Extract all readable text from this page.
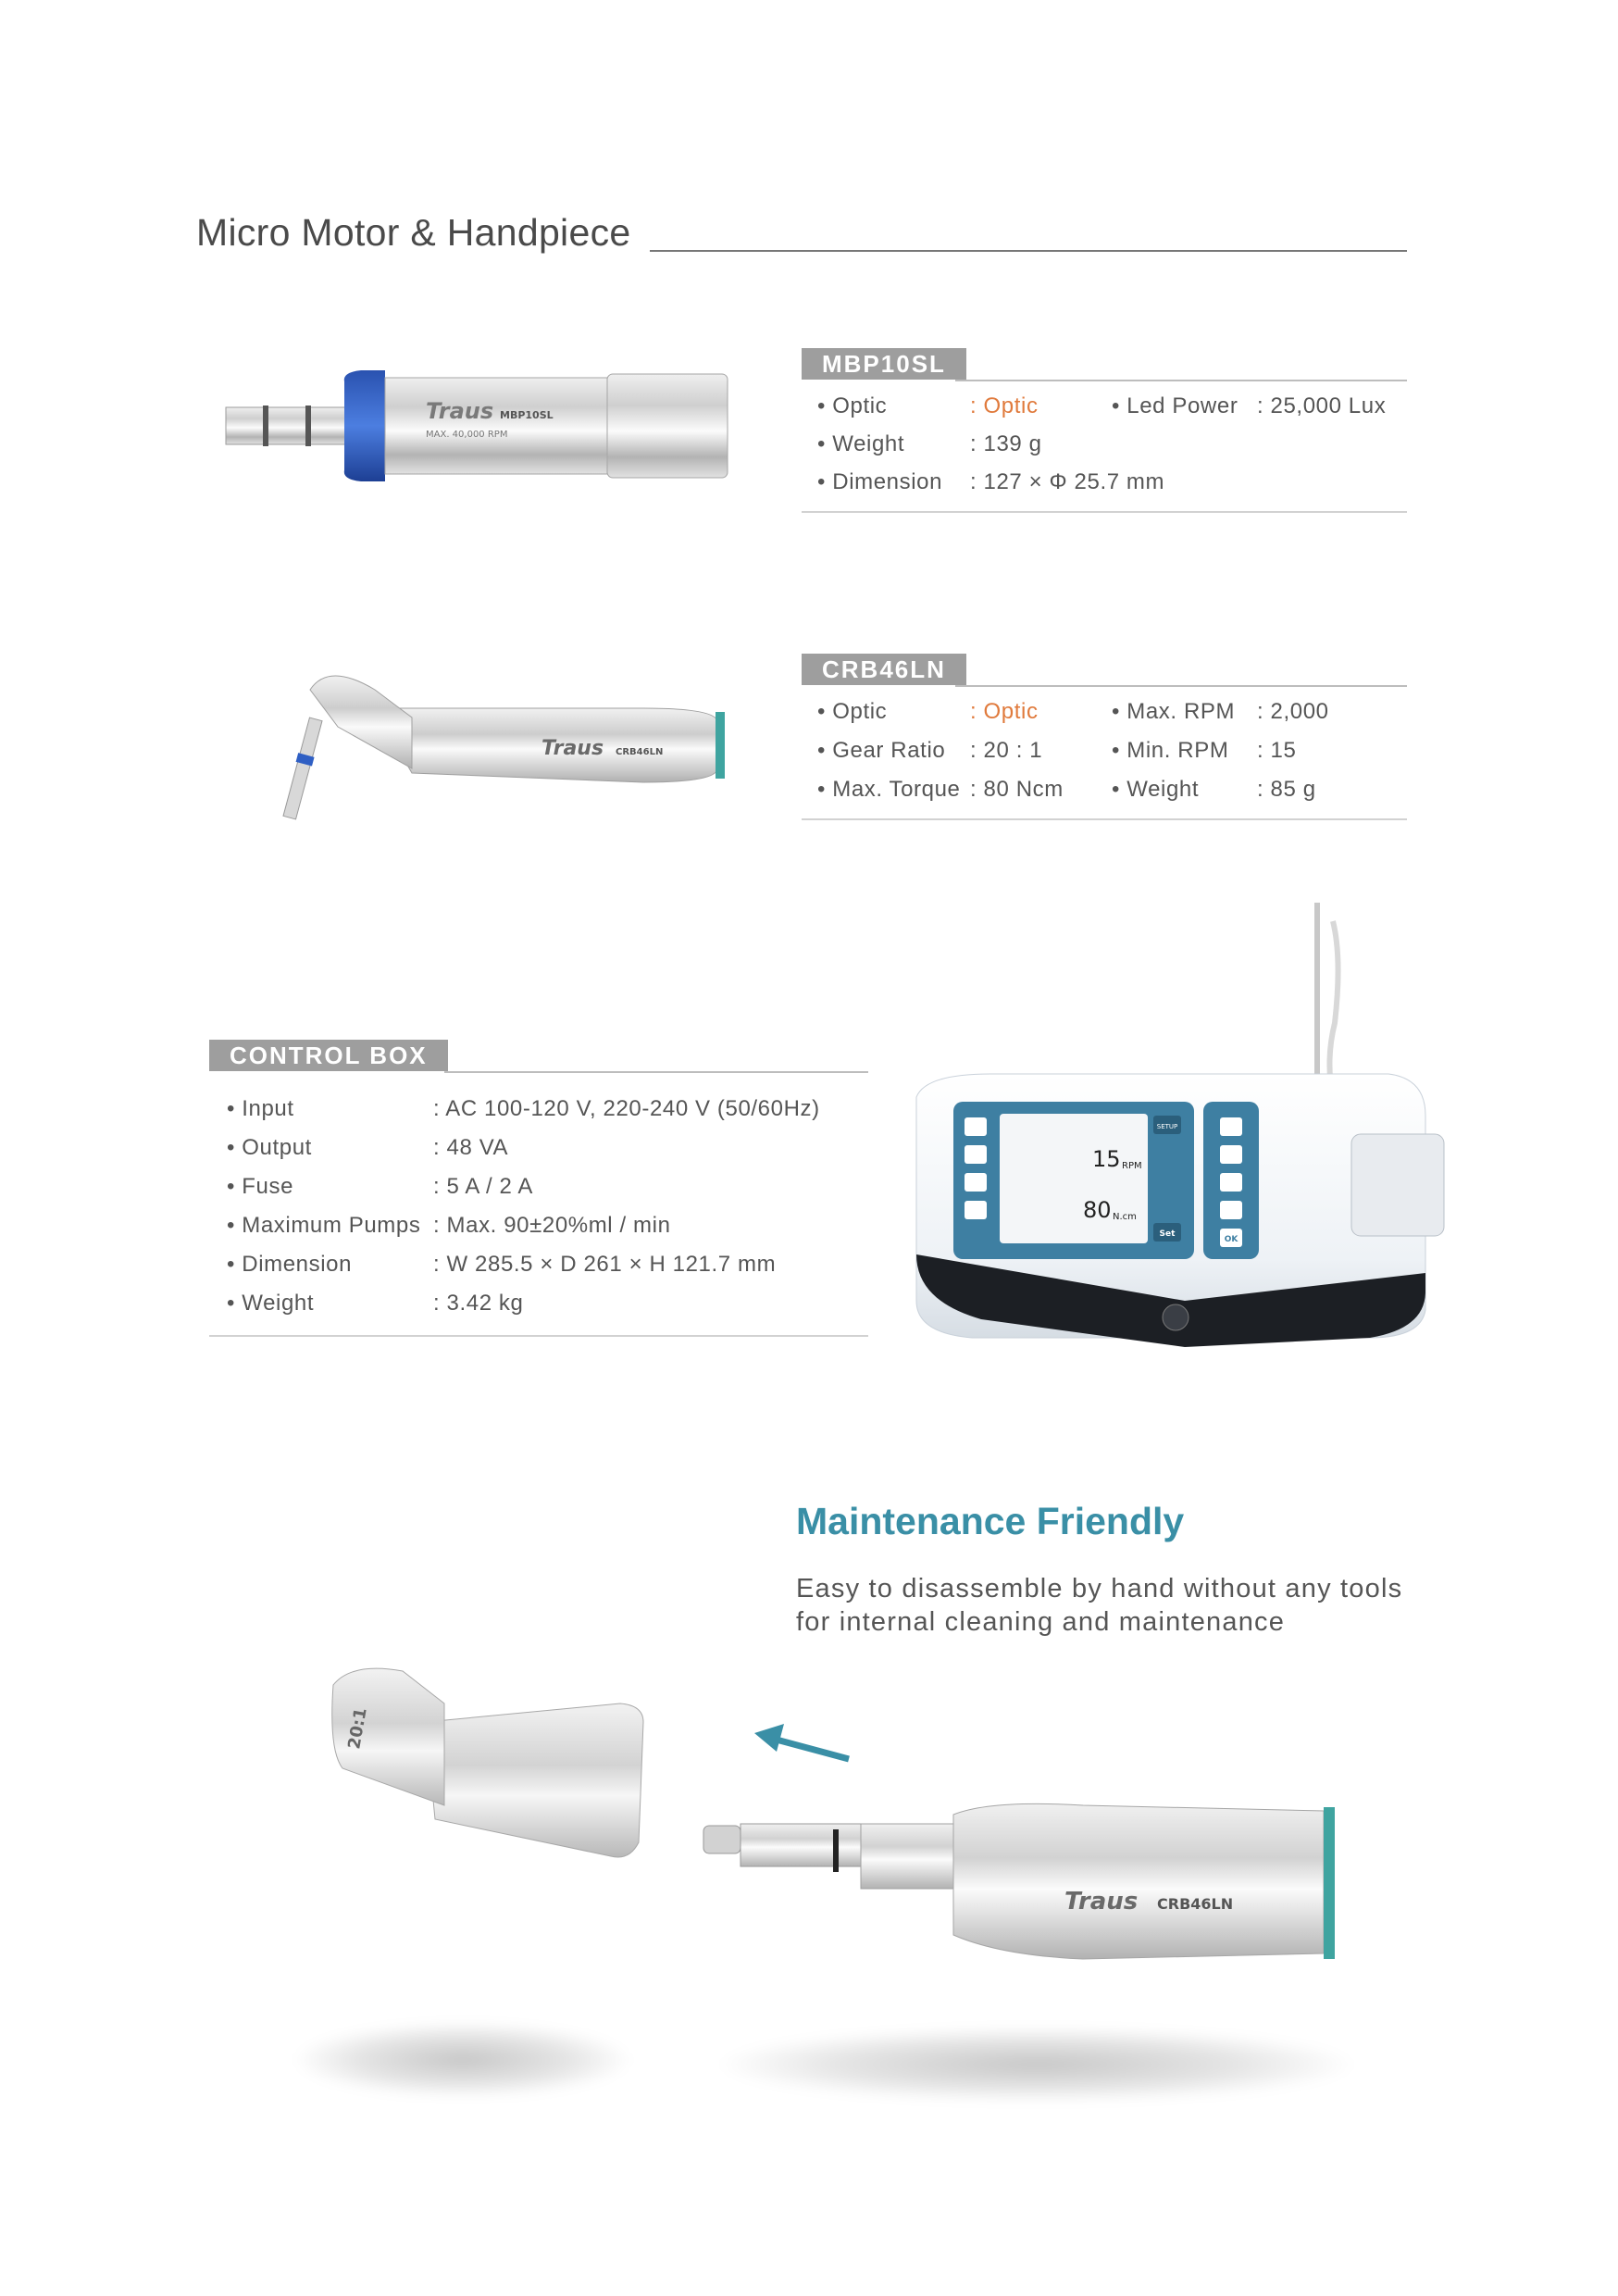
Micro Motor & Handpiece
Traus MBP10SL
MAX. 40,000 RPM
MBP10SL
• Optic	: Optic	• Led Power : 25,000 Lux
• Weight	: 139 g
• Dimension : 127 × Φ 25.7 mm
Traus CRB46LN
CRB46LN
• Optic	: Optic	• Max. RPM : 2,000
• Gear Ratio : 20 : 1	• Min. RPM : 15
• Max. Torque : 80 Ncm • Weight	: 85 g
CONTROL BOX
• Input	: AC 100-120 V, 220-240 V (50/60Hz)
• Output	: 48 VA
• Fuse	: 5 A / 2 A
• Maximum Pumps : Max. 90±20%ml / min
• Dimension	: W 285.5 × D 261 × H 121.7 mm
• Weight	: 3.42 kg
OK
15 RPM
80 N.cm
SETUP
Set
Maintenance Friendly
Easy to disassemble by hand without any tools
for internal cleaning and maintenance
20:1
Traus CRB46LN
